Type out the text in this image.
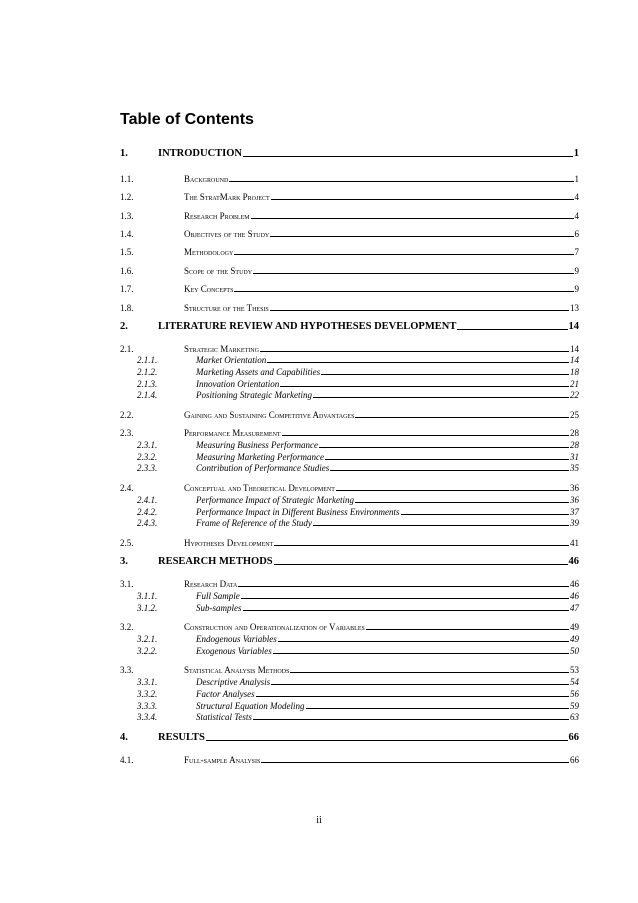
Table of Contents
1.	INTRODUCTION	1
1.1.	Background	1
1.2.	The StratMark Project	4
1.3.	Research Problem	4
1.4.	Objectives of the Study	6
1.5.	Methodology	7
1.6.	Scope of the Study	9
1.7.	Key Concepts	9
1.8.	Structure of the Thesis	13
2.	LITERATURE REVIEW AND HYPOTHESES DEVELOPMENT	14
2.1.	Strategic Marketing	14
2.1.1.	Market Orientation	14
2.1.2.	Marketing Assets and Capabilities	18
2.1.3.	Innovation Orientation	21
2.1.4.	Positioning Strategic Marketing	22
2.2.	Gaining and Sustaining Competitive Advantages	25
2.3.	Performance Measurement	28
2.3.1.	Measuring Business Performance	28
2.3.2.	Measuring Marketing Performance	31
2.3.3.	Contribution of Performance Studies	35
2.4.	Conceptual and Theoretical Development	36
2.4.1.	Performance Impact of Strategic Marketing	36
2.4.2.	Performance Impact in Different Business Environments	37
2.4.3.	Frame of Reference of the Study	39
2.5.	Hypotheses Development	41
3.	RESEARCH METHODS	46
3.1.	Research Data	46
3.1.1.	Full Sample	46
3.1.2.	Sub-samples	47
3.2.	Construction and Operationalization of Variables	49
3.2.1.	Endogenous Variables	49
3.2.2.	Exogenous Variables	50
3.3.	Statistical Analysis Methods	53
3.3.1.	Descriptive Analysis	54
3.3.2.	Factor Analyses	56
3.3.3.	Structural Equation Modeling	59
3.3.4.	Statistical Tests	63
4.	RESULTS	66
4.1.	Full-sample Analysis	66
ii
